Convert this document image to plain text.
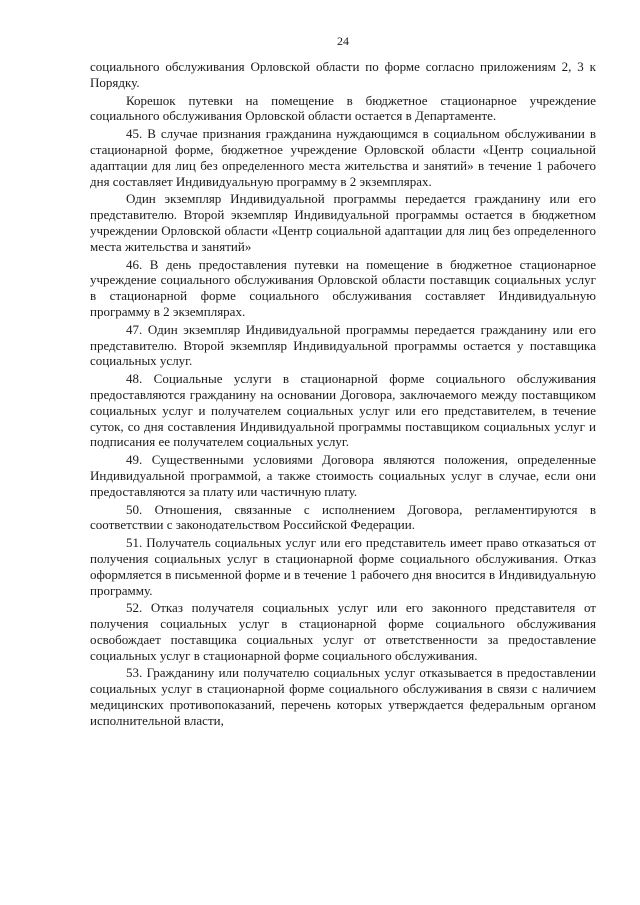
24

социального обслуживания Орловской области по форме согласно приложениям 2, 3 к Порядку.

Корешок путевки на помещение в бюджетное стационарное учреждение социального обслуживания Орловской области остается в Департаменте.

45. В случае признания гражданина нуждающимся в социальном обслуживании в стационарной форме, бюджетное учреждение Орловской области «Центр социальной адаптации для лиц без определенного места жительства и занятий» в течение 1 рабочего дня составляет Индивидуальную программу в 2 экземплярах.

Один экземпляр Индивидуальной программы передается гражданину или его представителю. Второй экземпляр Индивидуальной программы остается в бюджетном учреждении Орловской области «Центр социальной адаптации для лиц без определенного места жительства и занятий»

46. В день предоставления путевки на помещение в бюджетное стационарное учреждение социального обслуживания Орловской области поставщик социальных услуг в стационарной форме социального обслуживания составляет Индивидуальную программу в 2 экземплярах.

47. Один экземпляр Индивидуальной программы передается гражданину или его представителю. Второй экземпляр Индивидуальной программы остается у поставщика социальных услуг.

48. Социальные услуги в стационарной форме социального обслуживания предоставляются гражданину на основании Договора, заключаемого между поставщиком социальных услуг и получателем социальных услуг или его представителем, в течение суток, со дня составления Индивидуальной программы поставщиком социальных услуг и подписания ее получателем социальных услуг.

49. Существенными условиями Договора являются положения, определенные Индивидуальной программой, а также стоимость социальных услуг в случае, если они предоставляются за плату или частичную плату.

50. Отношения, связанные с исполнением Договора, регламентируются в соответствии с законодательством Российской Федерации.

51. Получатель социальных услуг или его представитель имеет право отказаться от получения социальных услуг в стационарной форме социального обслуживания. Отказ оформляется в письменной форме и в течение 1 рабочего дня вносится в Индивидуальную программу.

52. Отказ получателя социальных услуг или его законного представителя от получения социальных услуг в стационарной форме социального обслуживания освобождает поставщика социальных услуг от ответственности за предоставление социальных услуг в стационарной форме социального обслуживания.

53. Гражданину или получателю социальных услуг отказывается в предоставлении социальных услуг в стационарной форме социального обслуживания в связи с наличием медицинских противопоказаний, перечень которых утверждается федеральным органом исполнительной власти,
